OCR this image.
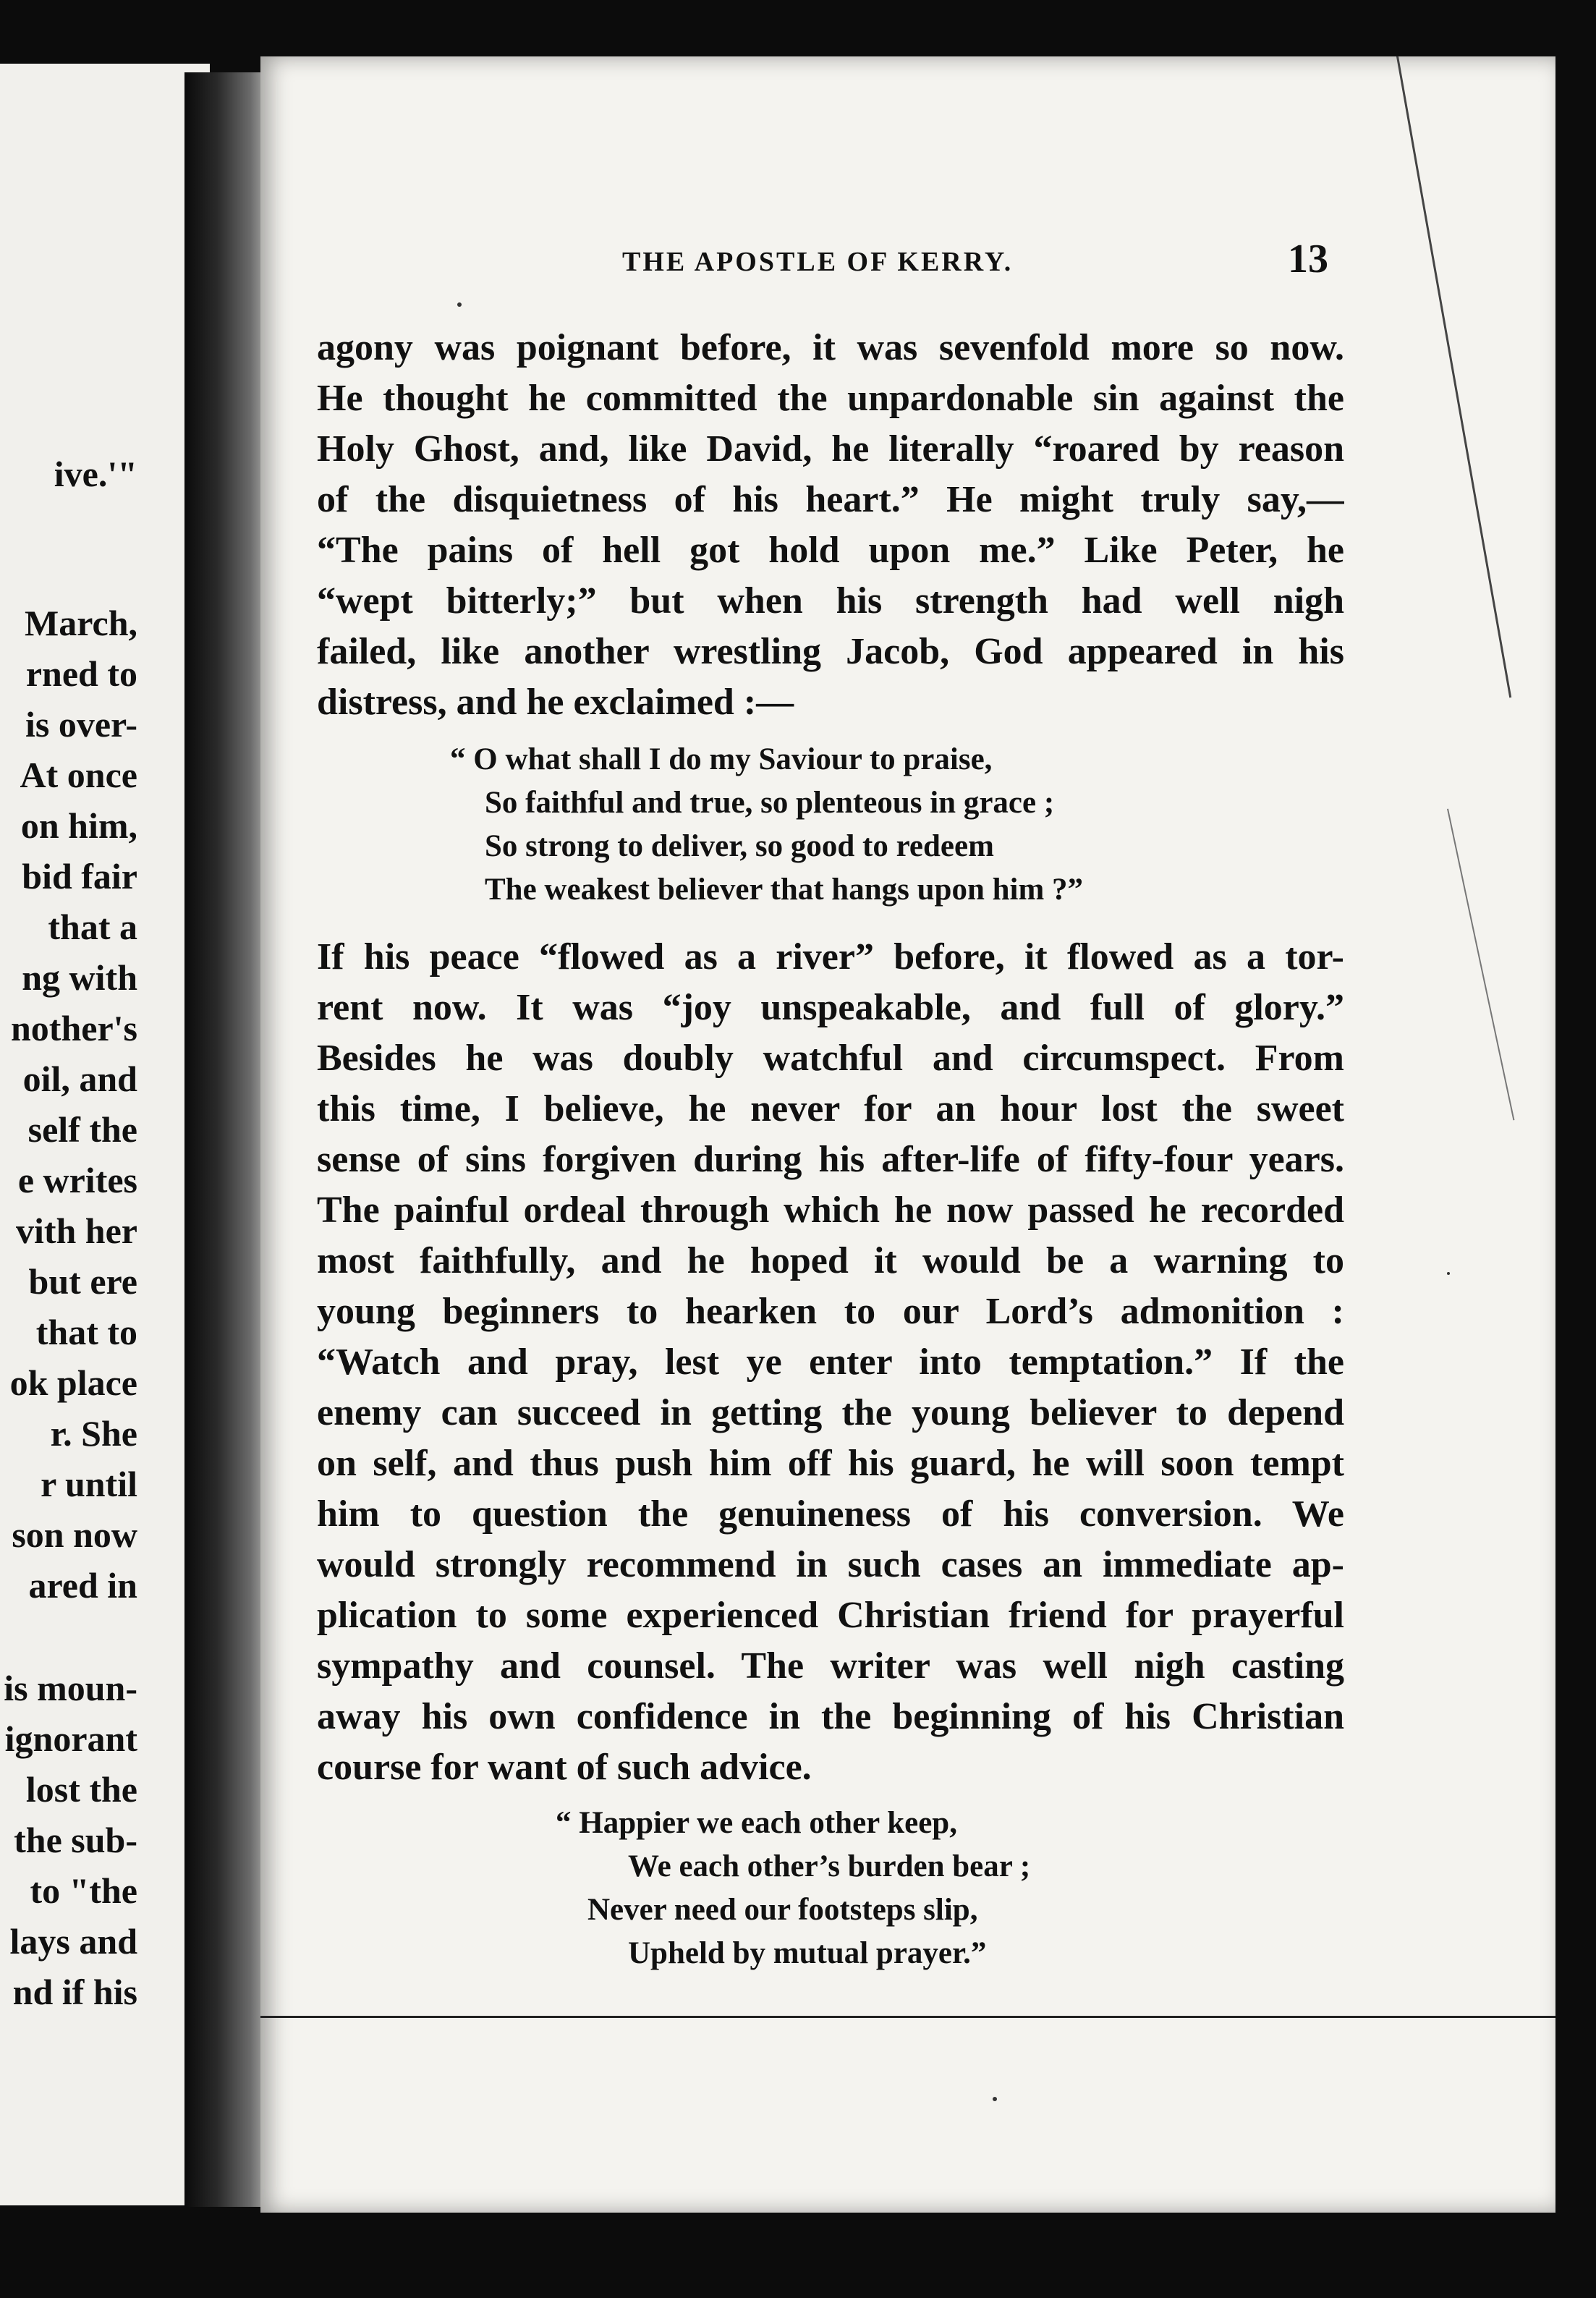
ive.'"
March,
rned to
is over-
At once
on him,
bid fair
that a
ng with
nother's
oil, and
self the
e writes
vith her
but ere
that to
ok place
r. She
r until
son now
ared in
is moun-
ignorant
lost the
the sub-
to "the
lays and
nd if his
THE APOSTLE OF KERRY.	13
agony was poignant before, it was sevenfold more so now.
He thought he committed the unpardonable sin against the
Holy Ghost, and, like David, he literally “roared by reason
of the disquietness of his heart.” He might truly say,—
“The pains of hell got hold upon me.” Like Peter, he
“wept bitterly;” but when his strength had well nigh
failed, like another wrestling Jacob, God appeared in his
distress, and he exclaimed :—
“ O what shall I do my Saviour to praise,
So faithful and true, so plenteous in grace ;
So strong to deliver, so good to redeem
The weakest believer that hangs upon him ?”
If his peace “flowed as a river” before, it flowed as a tor-
rent now. It was “joy unspeakable, and full of glory.”
Besides he was doubly watchful and circumspect. From
this time, I believe, he never for an hour lost the sweet
sense of sins forgiven during his after-life of fifty-four years.
The painful ordeal through which he now passed he recorded
most faithfully, and he hoped it would be a warning to
young beginners to hearken to our Lord’s admonition :
“Watch and pray, lest ye enter into temptation.” If the
enemy can succeed in getting the young believer to depend
on self, and thus push him off his guard, he will soon tempt
him to question the genuineness of his conversion. We
would strongly recommend in such cases an immediate ap-
plication to some experienced Christian friend for prayerful
sympathy and counsel. The writer was well nigh casting
away his own confidence in the beginning of his Christian
course for want of such advice.
“ Happier we each other keep,
We each other’s burden bear ;
Never need our footsteps slip,
Upheld by mutual prayer.”
